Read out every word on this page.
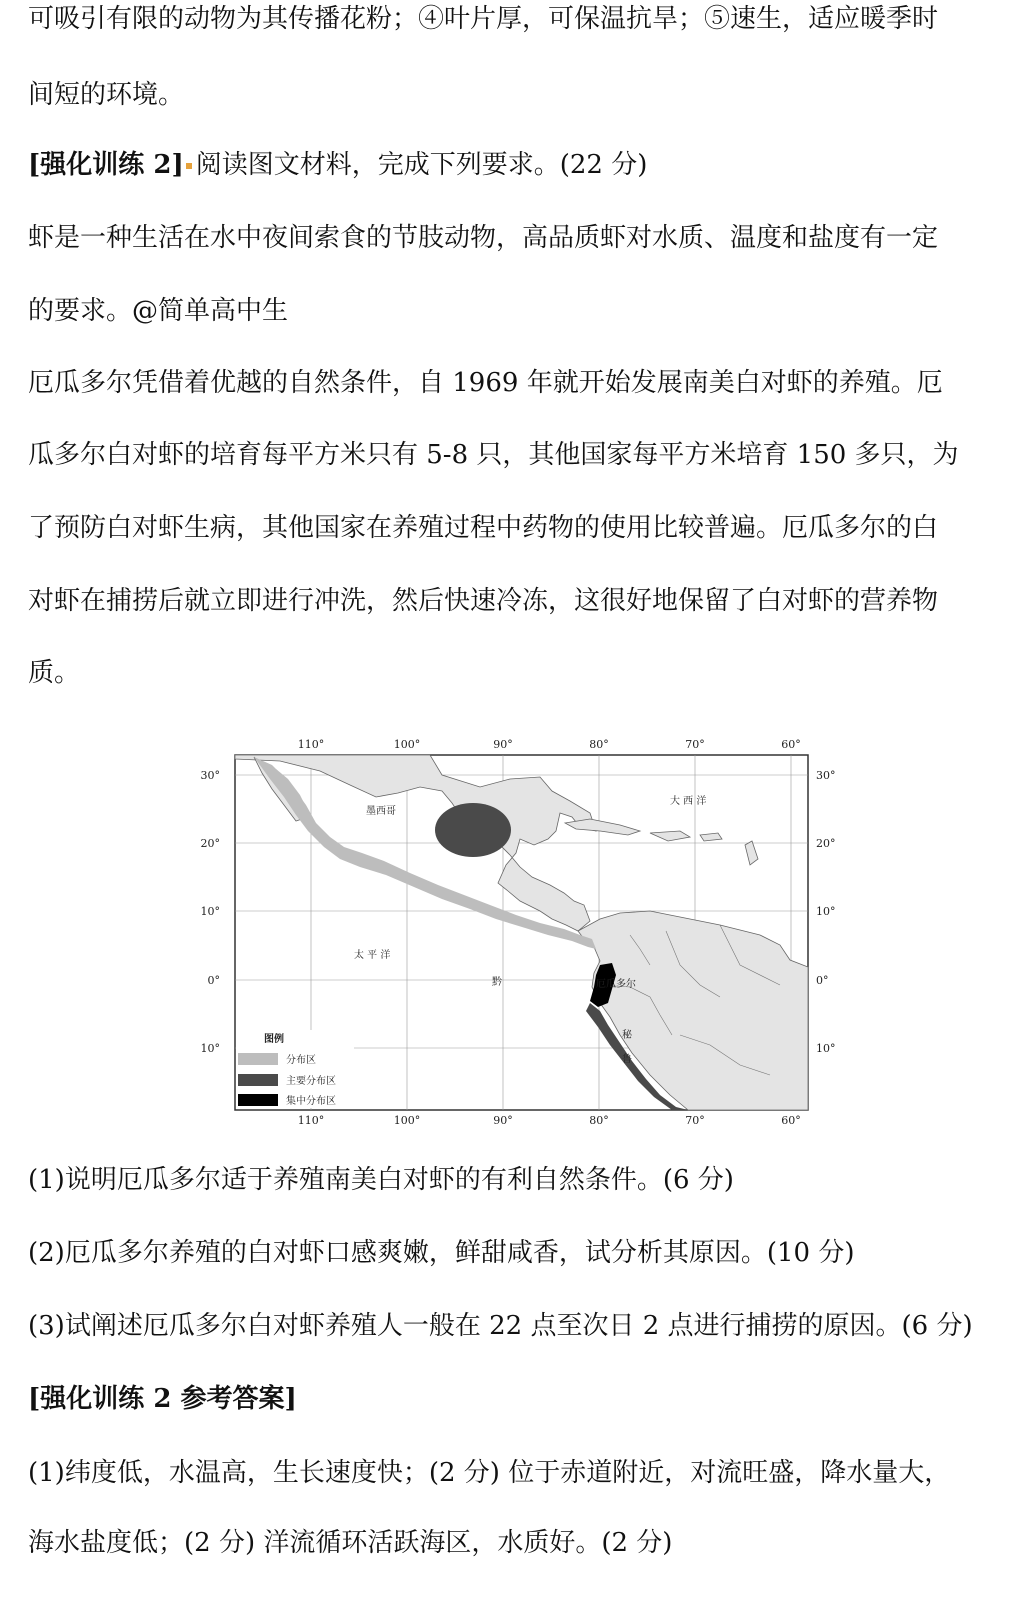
可吸引有限的动物为其传播花粉；④叶片厚，可保温抗旱；⑤速生，适应暖季时
间短的环境。
[强化训练 2] 阅读图文材料，完成下列要求。(22 分)
虾是一种生活在水中夜间索食的节肢动物，高品质虾对水质、温度和盐度有一定
的要求。@简单高中生
厄瓜多尔凭借着优越的自然条件，自 1969 年就开始发展南美白对虾的养殖。厄
瓜多尔白对虾的培育每平方米只有 5-8 只，其他国家每平方米培育 150 多只，为
了预防白对虾生病，其他国家在养殖过程中药物的使用比较普遍。厄瓜多尔的白
对虾在捕捞后就立即进行冲洗，然后快速冷冻，这很好地保留了白对虾的营养物
质。
墨西哥
大 西 洋
太 平 洋
厄瓜多尔
秘
鲁
黔
110°	100°	90°	80°	70°	60°
110°	100°	90°	80°	70°	60°
30°
20°
10°
0°
10°
30°
20°
10°
0°
10°
图例
分布区
主要分布区
集中分布区
(1)说明厄瓜多尔适于养殖南美白对虾的有利自然条件。(6 分)
(2)厄瓜多尔养殖的白对虾口感爽嫩，鲜甜咸香，试分析其原因。(10 分)
(3)试阐述厄瓜多尔白对虾养殖人一般在 22 点至次日 2 点进行捕捞的原因。(6 分)
[强化训练 2 参考答案]
(1)纬度低，水温高，生长速度快；(2 分) 位于赤道附近，对流旺盛，降水量大，
海水盐度低；(2 分) 洋流循环活跃海区，水质好。(2 分)
